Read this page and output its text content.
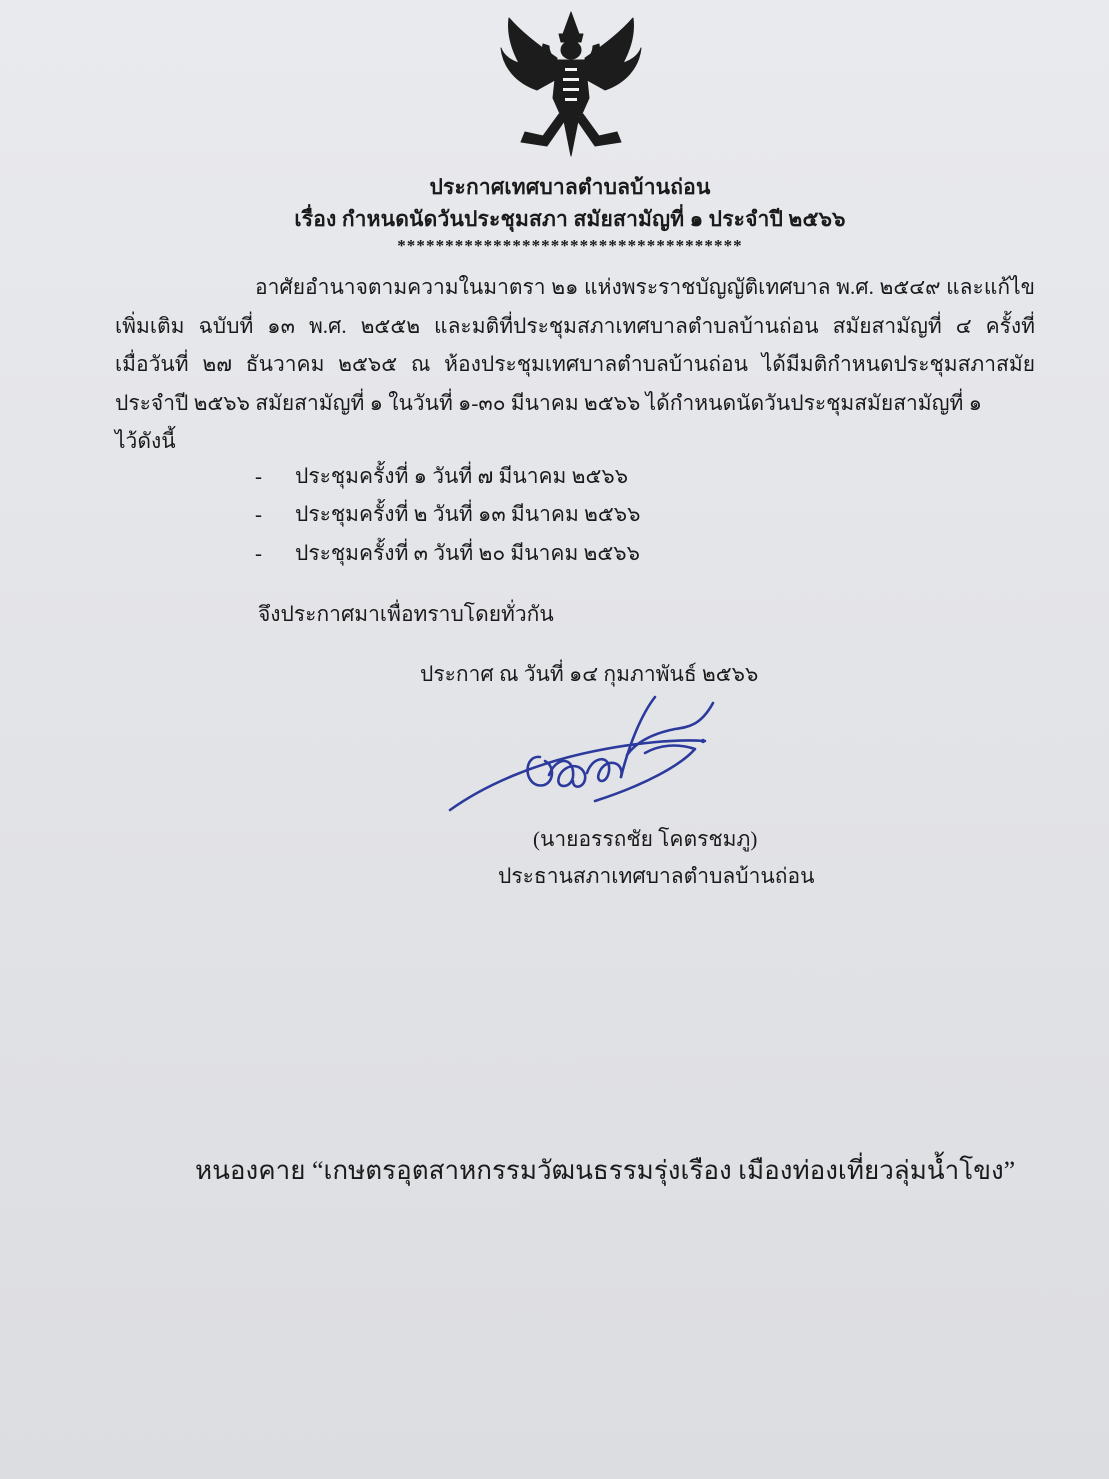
ประกาศเทศบาลตำบลบ้านถ่อน
เรื่อง กำหนดนัดวันประชุมสภา สมัยสามัญที่ ๑ ประจำปี ๒๕๖๖
************************************
อาศัยอำนาจตามความในมาตรา ๒๑ แห่งพระราชบัญญัติเทศบาล พ.ศ. ๒๕๔๙ และแก้ไข
เพิ่มเติม ฉบับที่ ๑๓ พ.ศ. ๒๕๕๒ และมติที่ประชุมสภาเทศบาลตำบลบ้านถ่อน สมัยสามัญที่ ๔ ครั้งที่
เมื่อวันที่ ๒๗ ธันวาคม ๒๕๖๕ ณ ห้องประชุมเทศบาลตำบลบ้านถ่อน ได้มีมติกำหนดประชุมสภาสมัย
ประจำปี ๒๕๖๖ สมัยสามัญที่ ๑ ในวันที่ ๑-๓๐ มีนาคม ๒๕๖๖ ได้กำหนดนัดวันประชุมสมัยสามัญที่ ๑
ไว้ดังนี้
- ประชุมครั้งที่ ๑ วันที่ ๗ มีนาคม ๒๕๖๖
- ประชุมครั้งที่ ๒ วันที่ ๑๓ มีนาคม ๒๕๖๖
- ประชุมครั้งที่ ๓ วันที่ ๒๐ มีนาคม ๒๕๖๖
จึงประกาศมาเพื่อทราบโดยทั่วกัน
ประกาศ ณ วันที่ ๑๔ กุมภาพันธ์ ๒๕๖๖
(นายอรรถชัย โคตรชมภู)
ประธานสภาเทศบาลตำบลบ้านถ่อน
หนองคาย “เกษตรอุตสาหกรรมวัฒนธรรมรุ่งเรือง เมืองท่องเที่ยวลุ่มน้ำโขง”
